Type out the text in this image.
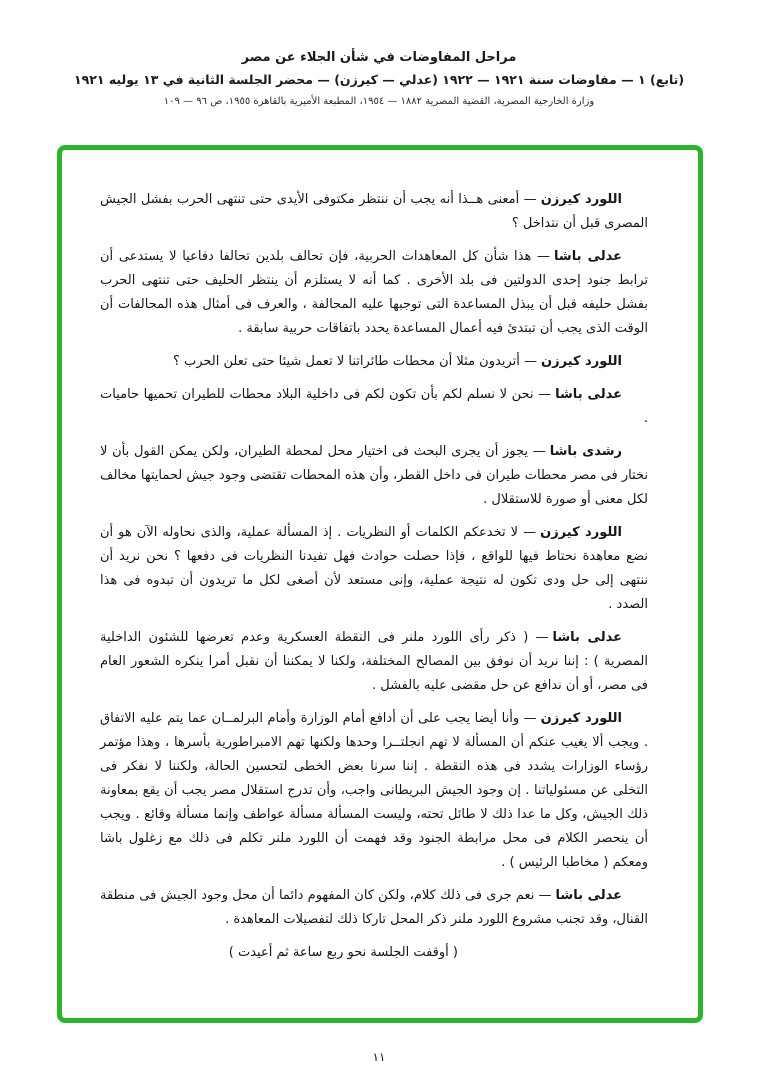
مراحل المفاوضات في شأن الجلاء عن مصر
(تابع) ١ — مفاوضات سنة ١٩٢١ — ١٩٢٢ (عدلي — كيرزن) — محضر الجلسة الثانية في ١٣ يوليه ١٩٢١
وزارة الخارجية المصرية، القضية المصرية ١٨٨٢ — ١٩٥٤، المطبعة الأميرية بالقاهرة ١٩٥٥، ص ٩٦ — ١٠٩

اللورد كيرزن— أمعنى هــذا أنه يجب أن ننتظر مكتوفى الأيدى حتى تنتهى الحرب بفشل الجيش المصرى قبل أن نتداخل ؟

عدلى باشا— هذا شأن كل المعاهدات الحربية، فإن تحالف بلدين تحالفا دفاعيا لا يستدعى أن ترابط جنود إحدى الدولتين فى بلد الأخرى . كما أنه لا يستلزم أن ينتظر الحليف حتى تنتهى الحرب بفشل حليفه قبل أن يبذل المساعدة التى توجبها عليه المحالفة ، والعرف فى أمثال هذه المحالفات أن الوقت الذى يجب أن تبتدئ فيه أعمال المساعدة يحدد باتفاقات حربية سابقة .

اللورد كيرزن— أتريدون مثلا أن محطات طائراتنا لا تعمل شيئا حتى تعلن الحرب ؟

عدلى باشا— نحن لا نسلم لكم بأن تكون لكم فى داخلية البلاد محطات للطيران تحميها حاميات .

رشدى باشا— يجوز أن يجرى البحث فى اختيار محل لمحطة الطيران، ولكن يمكن القول بأن لا نختار فى مصر محطات طيران فى داخل القطر، وأن هذه المحطات تقتضى وجود جيش لحمايتها مخالف لكل معنى أو صورة للاستقلال .

اللورد كيرزن— لا تخدعكم الكلمات أو النظريات . إذ المسألة عملية، والذى نحاوله الآن هو أن نضع معاهدة نحتاط فيها للواقع ، فإذا حصلت حوادث فهل تفيدنا النظريات فى دفعها ؟ نحن نريد أن ننتهى إلى حل ودى تكون له نتيجة عملية، وإنى مستعد لأن أصغى لكل ما تريدون أن تبدوه فى هذا الصدد .

عدلى باشا— ( ذكر رأى اللورد ملنر فى النقطة العسكرية وعدم تعرضها للشئون الداخلية المصرية ) : إننا نريد أن نوفق بين المصالح المختلفة، ولكنا لا يمكننا أن نقبل أمرا ينكره الشعور العام فى مصر، أو أن ندافع عن حل مقضى عليه بالفشل .

اللورد كيرزن— وأنا أيضا يجب على أن أدافع أمام الوزارة وأمام البرلمــان عما يتم عليه الاتفاق . ويجب ألا يغيب عنكم أن المسألة لا تهم انجلتــرا وحدها ولكنها تهم الامبراطورية بأسرها ، وهذا مؤتمر رؤساء الوزارات يشدد فى هذه النقطة . إننا سرنا بعض الخطى لتحسين الحالة، ولكننا لا نفكر فى التخلى عن مسئولياتنا . إن وجود الجيش البريطانى واجب، وأن تدرج استقلال مصر يجب أن يقع بمعاونة ذلك الجيش، وكل ما عدا ذلك لا طائل تحته، وليست المسألة مسألة عواطف وإنما مسألة وقائع . ويجب أن ينحصر الكلام فى محل مرابطة الجنود وقد فهمت أن اللورد ملنر تكلم فى ذلك مع زغلول باشا ومعكم ( مخاطبا الرئيس ) .

عدلى باشا— نعم جرى فى ذلك كلام، ولكن كان المفهوم دائما أن محل وجود الجيش فى منطقة القنال، وقد تجنب مشروع اللورد ملنر ذكر المحل تاركا ذلك لتفصيلات المعاهدة .

( أوقفت الجلسة نحو ربع ساعة ثم أعيدت )

١١
